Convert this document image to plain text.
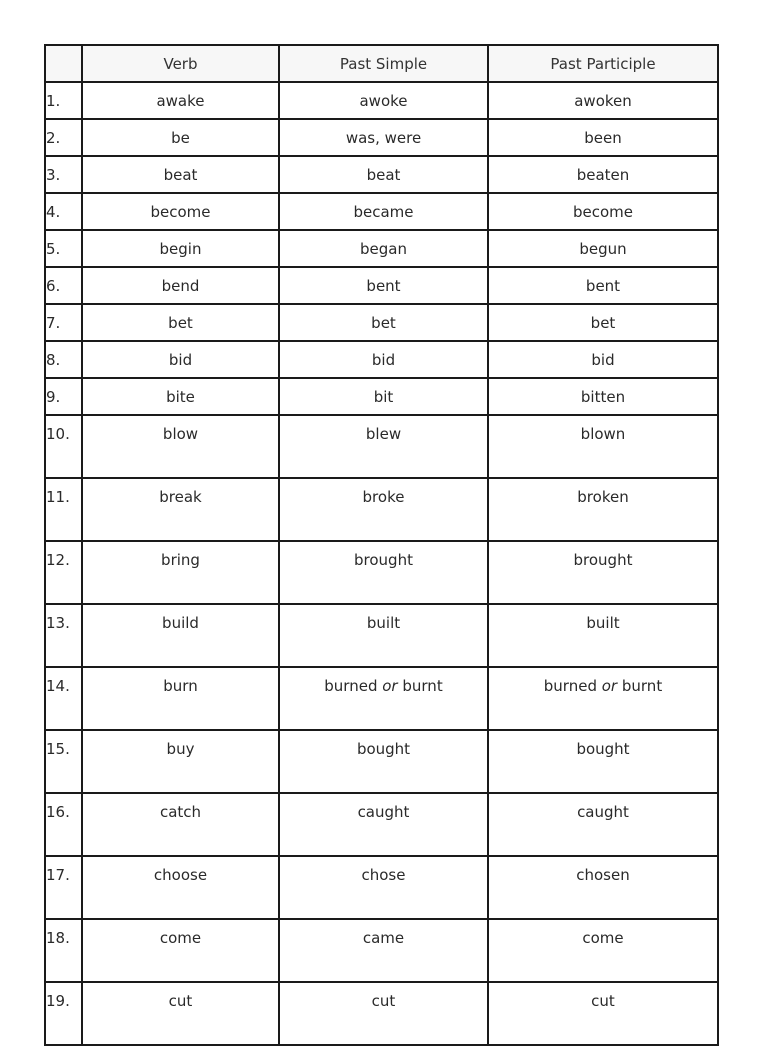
	Verb	Past Simple	Past Participle
1.	awake	awoke	awoken
2.	be	was, were	been
3.	beat	beat	beaten
4.	become	became	become
5.	begin	began	begun
6.	bend	bent	bent
7.	bet	bet	bet
8.	bid	bid	bid
9.	bite	bit	bitten
10.	blow	blew	blown
11.	break	broke	broken
12.	bring	brought	brought
13.	build	built	built
14.	burn	burned or burnt	burned or burnt
15.	buy	bought	bought
16.	catch	caught	caught
17.	choose	chose	chosen
18.	come	came	come
19.	cut	cut	cut
